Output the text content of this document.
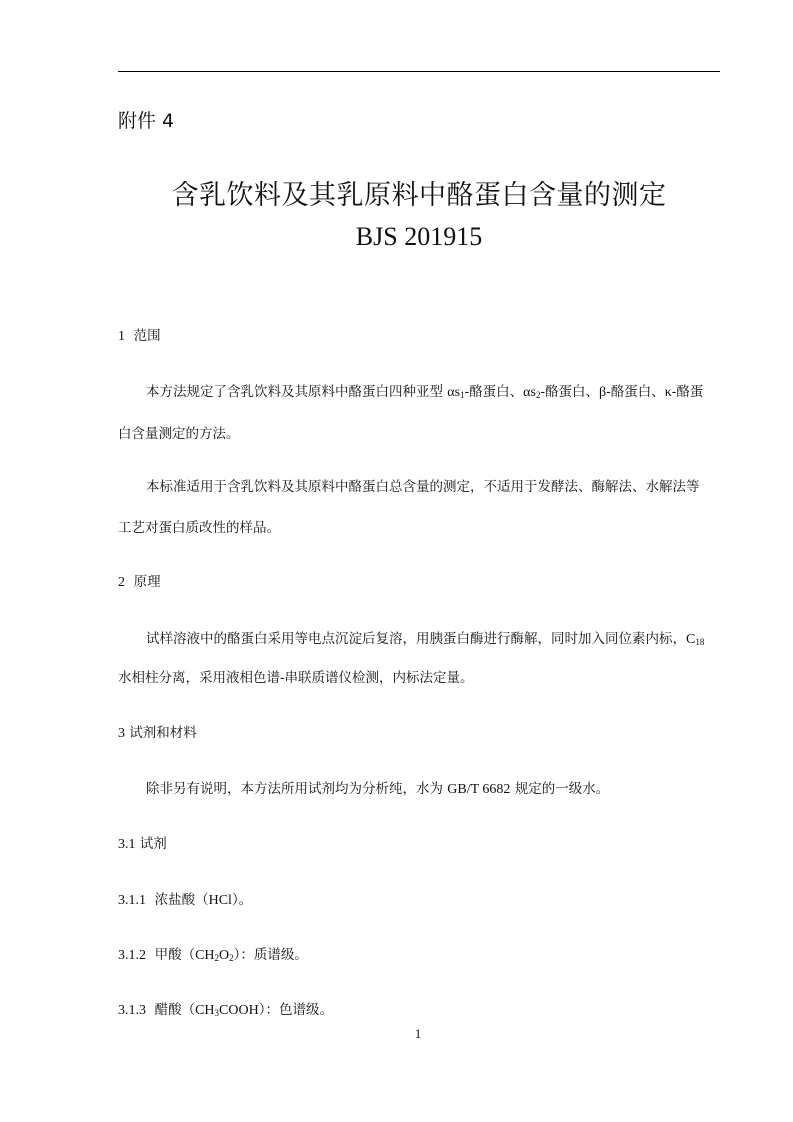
附件 4
含乳饮料及其乳原料中酪蛋白含量的测定
BJS 201915
1 范围
本方法规定了含乳饮料及其原料中酪蛋白四种亚型 $\alpha s_1-$酪蛋白、$\alpha s_2-$酪蛋白、β-酪蛋白、κ-酪蛋
白含量测定的方法。
本标准适用于含乳饮料及其原料中酪蛋白总含量的测定，不适用于发酵法、酶解法、水解法等
工艺对蛋白质改性的样品。
2 原理
试样溶液中的酪蛋白采用等电点沉淀后复溶，用胰蛋白酶进行酶解，同时加入同位素内标，$C_{18}$
水相柱分离，采用液相色谱-串联质谱仪检测，内标法定量。
3 试剂和材料
除非另有说明，本方法所用试剂均为分析纯，水为 GB/T 6682 规定的一级水。
3.1 试剂
3.1.1 浓盐酸（HCl）。
3.1.2 甲酸$(CH_2O_2)$：质谱级。
3.1.3 醋酸$(CH_3COOH)$：色谱级。
1
